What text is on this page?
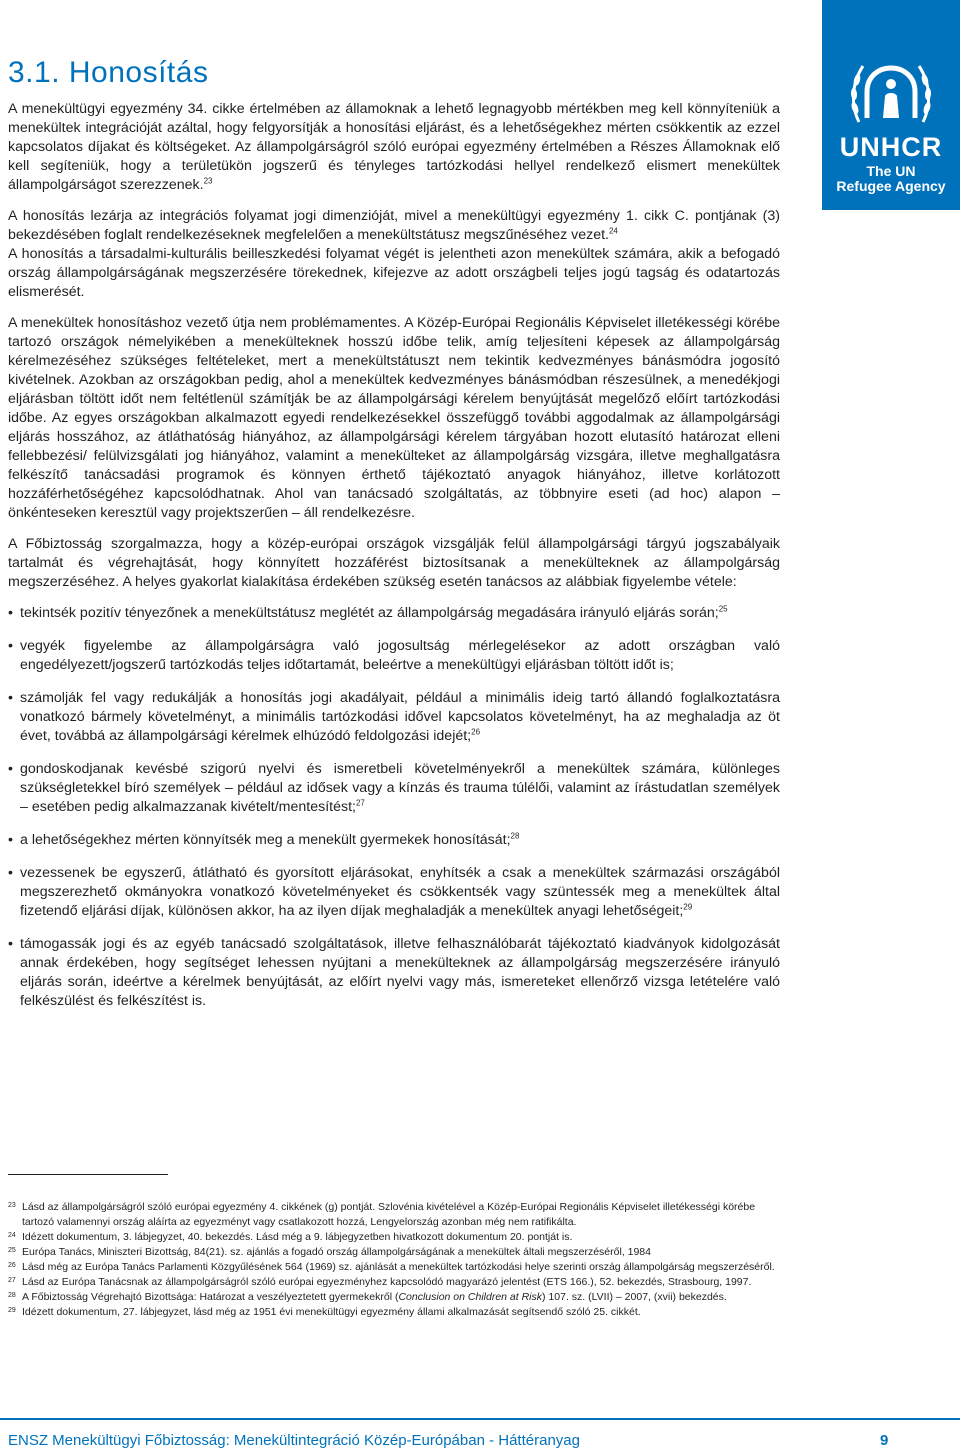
3.1. Honosítás
UNHCR
The UN
Refugee Agency

A menekültügyi egyezmény 34. cikke értelmében az államoknak a lehető legnagyobb mértékben meg kell könnyíteniük a menekültek integrációját azáltal, hogy felgyorsítják a honosítási eljárást, és a lehetőségekhez mérten csökkentik az ezzel kapcsolatos díjakat és költségeket. Az állampolgárságról szóló európai egyezmény értelmében a Részes Államoknak elő kell segíteniük, hogy a területükön jogszerű és tényleges tartózkodási hellyel rendelkező elismert menekültek állampolgárságot szerezzenek.$^{23}$

A honosítás lezárja az integrációs folyamat jogi dimenzióját, mivel a menekültügyi egyezmény 1. cikk C. pontjának (3) bekezdésében foglalt rendelkezéseknek megfelelően a menekültstátusz megszűnéséhez vezet.$^{24}$

A honosítás a társadalmi-kulturális beilleszkedési folyamat végét is jelentheti azon menekültek számára, akik a befogadó ország állampolgárságának megszerzésére törekednek, kifejezve az adott országbeli teljes jogú tagság és odatartozás elismerését.

A menekültek honosításhoz vezető útja nem problémamentes. A Közép-Európai Regionális Képviselet illetékességi körébe tartozó országok némelyikében a menekülteknek hosszú időbe telik, amíg teljesíteni képesek az állampolgárság kérelmezéséhez szükséges feltételeket, mert a menekültstátuszt nem tekintik kedvezményes bánásmódra jogosító kivételnek. Azokban az országokban pedig, ahol a menekültek kedvezményes bánásmódban részesülnek, a menedékjogi eljárásban töltött időt nem feltétlenül számítják be az állampolgársági kérelem benyújtását megelőző előírt tartózkodási időbe. Az egyes országokban alkalmazott egyedi rendelkezésekkel összefüggő további aggodalmak az állampolgársági eljárás hosszához, az átláthatóság hiányához, az állampolgársági kérelem tárgyában hozott elutasító határozat elleni fellebbezési/ felülvizsgálati jog hiányához, valamint a menekülteket az állampolgárság vizsgára, illetve meghallgatásra felkészítő tanácsadási programok és könnyen érthető tájékoztató anyagok hiányához, illetve korlátozott hozzáférhetőségéhez kapcsolódhatnak. Ahol van tanácsadó szolgáltatás, az többnyire eseti (ad hoc) alapon – önkénteseken keresztül vagy projektszerűen – áll rendelkezésre.

A Főbiztosság szorgalmazza, hogy a közép-európai országok vizsgálják felül állampolgársági tárgyú jogszabályaik tartalmát és végrehajtását, hogy könnyített hozzáférést biztosítsanak a menekülteknek az állampolgárság megszerzéséhez. A helyes gyakorlat kialakítása érdekében szükség esetén tanácsos az alábbiak figyelembe vétele:

• tekintsék pozitív tényezőnek a menekültstátusz meglétét az állampolgárság megadására irányuló eljárás során;$^{25}$
• vegyék figyelembe az állampolgárságra való jogosultság mérlegelésekor az adott országban való engedélyezett/jogszerű tartózkodás teljes időtartamát, beleértve a menekültügyi eljárásban töltött időt is;
• számolják fel vagy redukálják a honosítás jogi akadályait, például a minimális ideig tartó állandó foglalkoztatásra vonatkozó bármely követelményt, a minimális tartózkodási idővel kapcsolatos követelményt, ha az meghaladja az öt évet, továbbá az állampolgársági kérelmek elhúzódó feldolgozási idejét;$^{26}$
• gondoskodjanak kevésbé szigorú nyelvi és ismeretbeli követelményekről a menekültek számára, különleges szükségletekkel bíró személyek – például az idősek vagy a kínzás és trauma túlélői, valamint az írástudatlan személyek – esetében pedig alkalmazzanak kivételt/mentesítést;$^{27}$
• a lehetőségekhez mérten könnyítsék meg a menekült gyermekek honosítását;$^{28}$
• vezessenek be egyszerű, átlátható és gyorsított eljárásokat, enyhítsék a csak a menekültek származási országából megszerezhető okmányokra vonatkozó követelményeket és csökkentsék vagy szüntessék meg a menekültek által fizetendő eljárási díjak, különösen akkor, ha az ilyen díjak meghaladják a menekültek anyagi lehetőségeit;$^{29}$
• támogassák jogi és az egyéb tanácsadó szolgáltatások, illetve felhasználóbarát tájékoztató kiadványok kidolgozását annak érdekében, hogy segítséget lehessen nyújtani a menekülteknek az állampolgárság megszerzésére irányuló eljárás során, ideértve a kérelmek benyújtását, az előírt nyelvi vagy más, ismereteket ellenőrző vizsga letételére való felkészülést és felkészítést is.

23 Lásd az állampolgárságról szóló európai egyezmény 4. cikkének (g) pontját. Szlovénia kivételével a Közép-Európai Regionális Képviselet illetékességi körébe tartozó valamennyi ország aláírta az egyezményt vagy csatlakozott hozzá, Lengyelország azonban még nem ratifikálta.

24 Idézett dokumentum, 3. lábjegyzet, 40. bekezdés. Lásd még a 9. lábjegyzetben hivatkozott dokumentum 20. pontját is.

25 Európa Tanács, Miniszteri Bizottság, 84(21). sz. ajánlás a fogadó ország állampolgárságának a menekültek általi megszerzéséről, 1984

26 Lásd még az Európa Tanács Parlamenti Közgyűlésének 564 (1969) sz. ajánlását a menekültek tartózkodási helye szerinti ország állampolgárság megszerzéséről.

27 Lásd az Európa Tanácsnak az állampolgárságról szóló európai egyezményhez kapcsolódó magyarázó jelentést (ETS 166.), 52. bekezdés, Strasbourg, 1997.

28 A Főbiztosság Végrehajtó Bizottsága: Határozat a veszélyeztetett gyermekekről (Conclusion on Children at Risk) 107. sz. (LVII) – 2007, (xvii) bekezdés.

29 Idézett dokumentum, 27. lábjegyzet, lásd még az 1951 évi menekültügyi egyezmény állami alkalmazását segítsendő szóló 25. cikkét.

ENSZ Menekültügyi Főbiztosság: Menekültintegráció Közép-Európában - Háttéranyag	9
